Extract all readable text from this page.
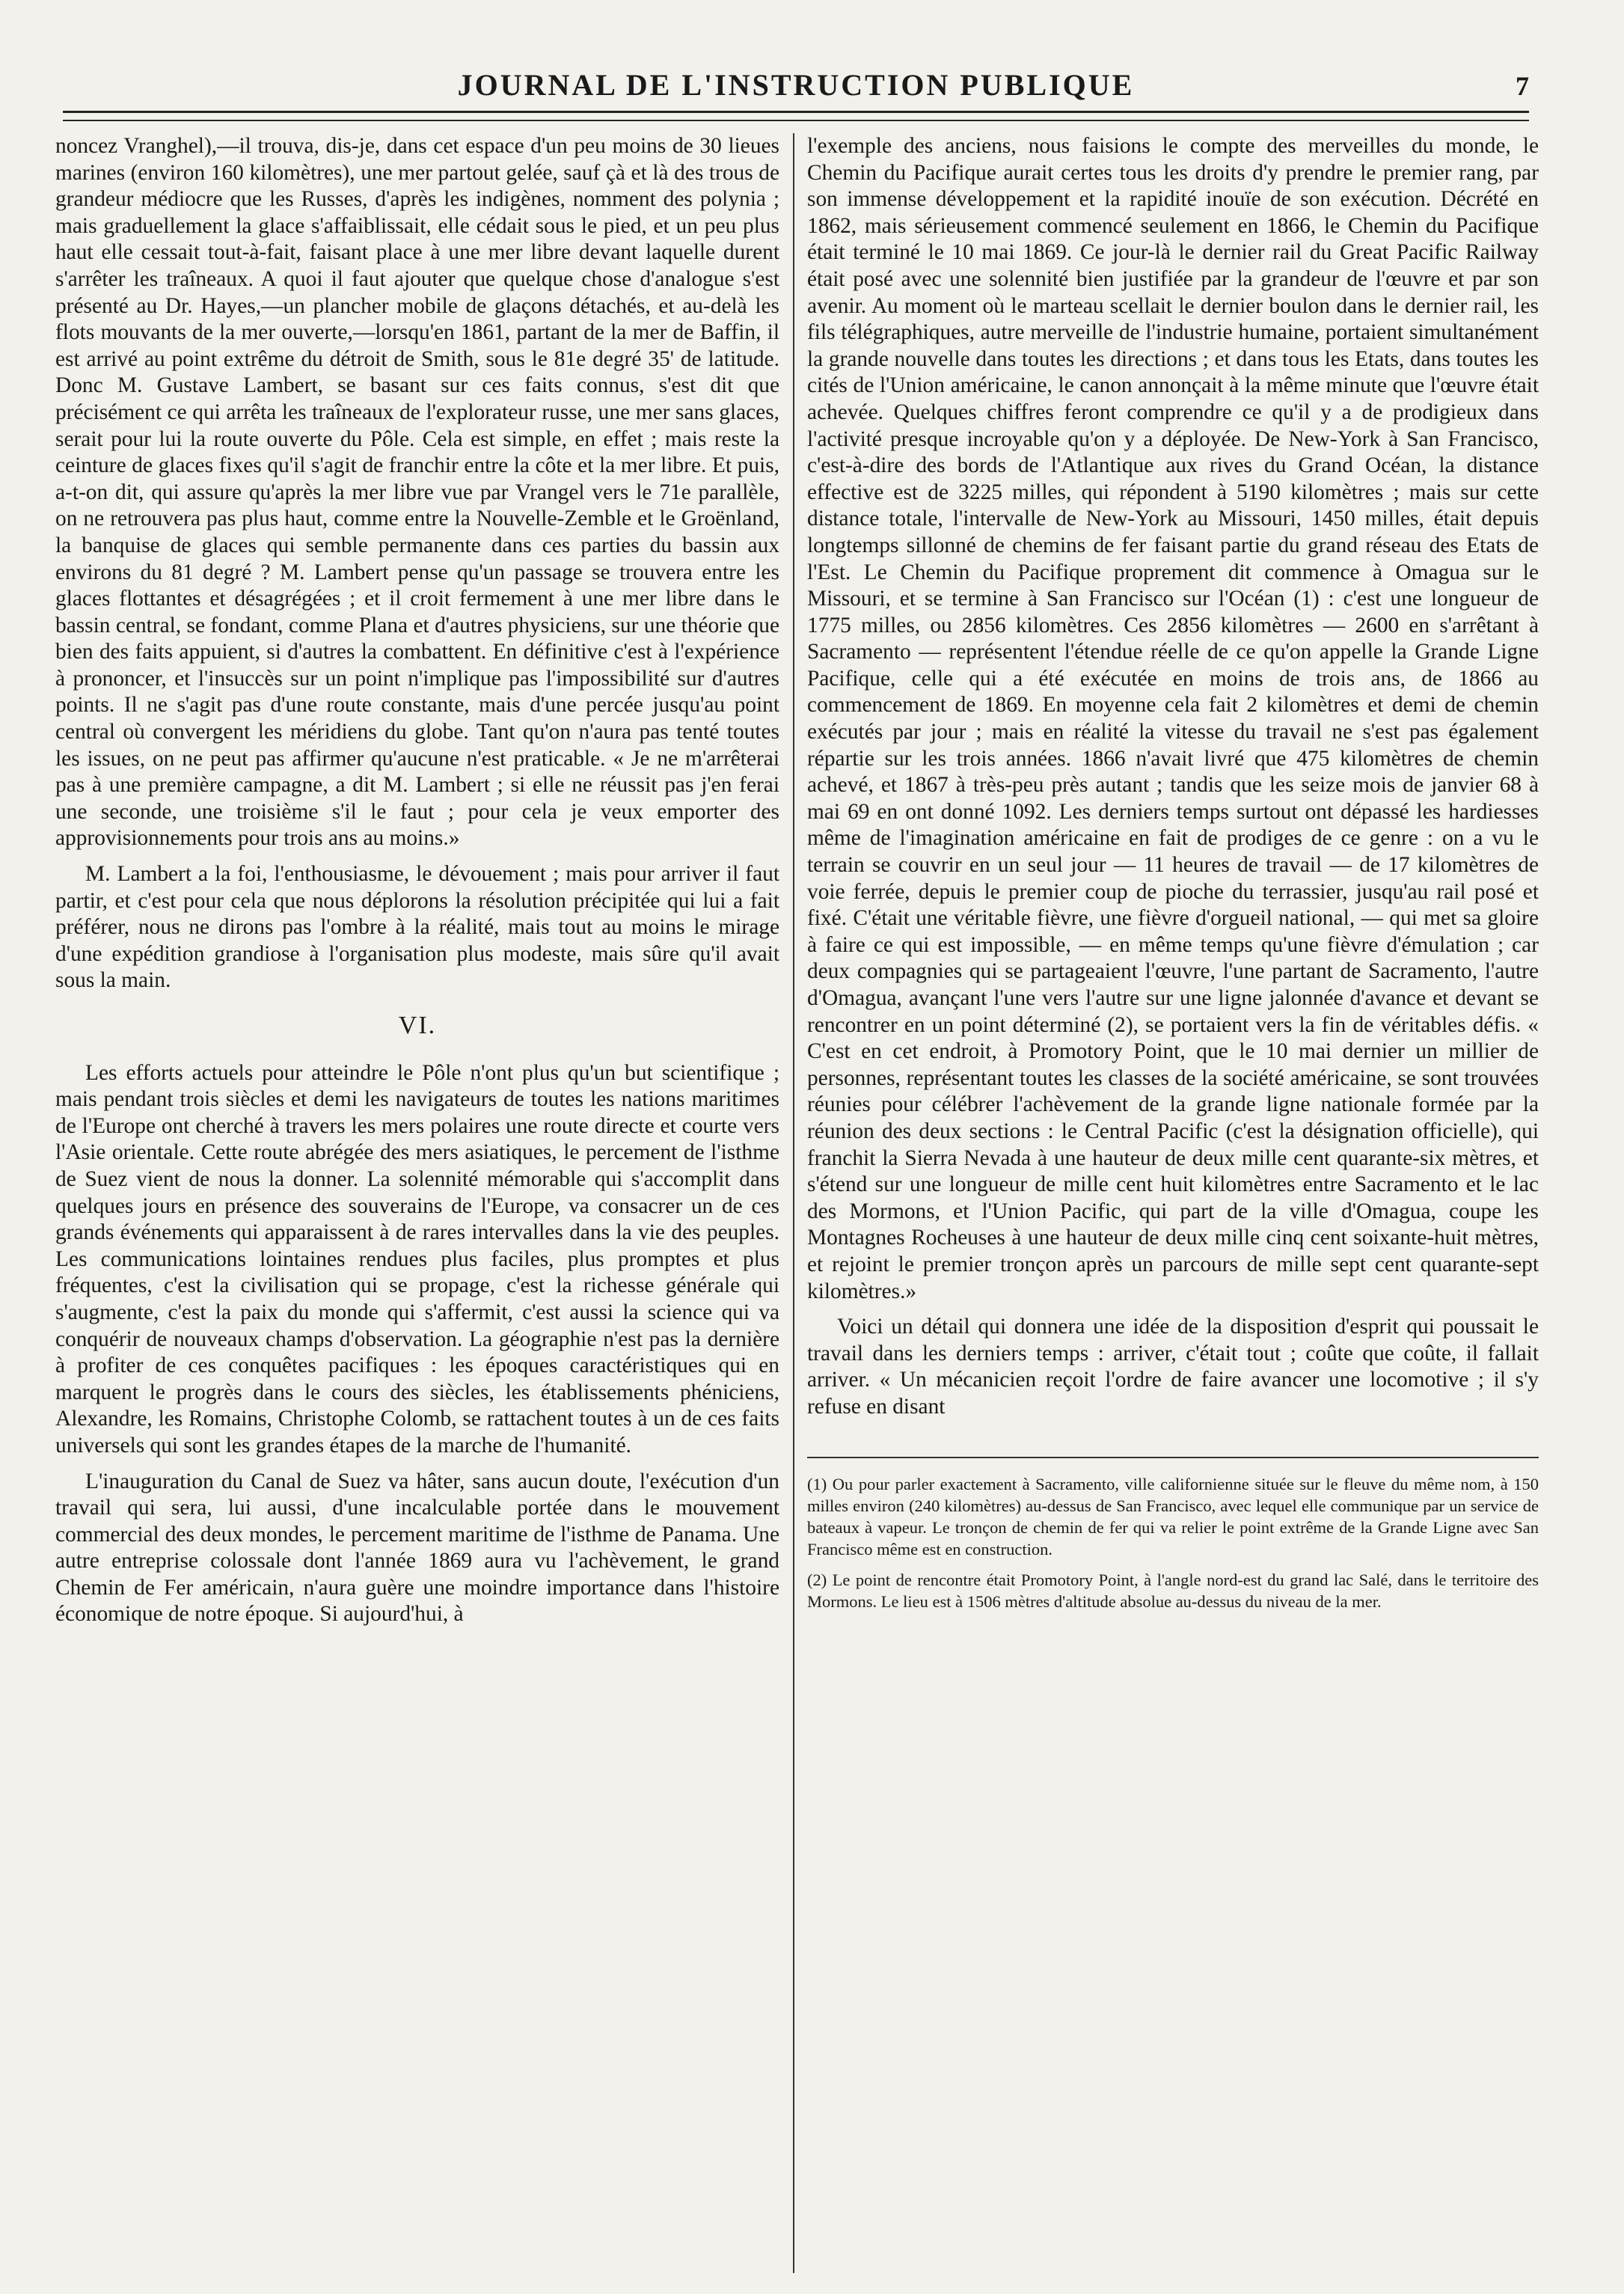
JOURNAL DE L'INSTRUCTION PUBLIQUE	7

noncez Vranghel),—il trouva, dis-je, dans cet espace d'un peu moins de 30 lieues marines (environ 160 kilomètres), une mer partout gelée, sauf çà et là des trous de grandeur médiocre que les Russes, d'après les indigènes, nomment des polynia ; mais graduellement la glace s'affaiblissait, elle cédait sous le pied, et un peu plus haut elle cessait tout-à-fait, faisant place à une mer libre devant laquelle durent s'arrêter les traîneaux. A quoi il faut ajouter que quelque chose d'analogue s'est présenté au Dr. Hayes,—un plancher mobile de glaçons détachés, et au-delà les flots mouvants de la mer ouverte,—lorsqu'en 1861, partant de la mer de Baffin, il est arrivé au point extrême du détroit de Smith, sous le 81e degré 35' de latitude. Donc M. Gustave Lambert, se basant sur ces faits connus, s'est dit que précisément ce qui arrêta les traîneaux de l'explorateur russe, une mer sans glaces, serait pour lui la route ouverte du Pôle. Cela est simple, en effet ; mais reste la ceinture de glaces fixes qu'il s'agit de franchir entre la côte et la mer libre. Et puis, a-t-on dit, qui assure qu'après la mer libre vue par Vrangel vers le 71e parallèle, on ne retrouvera pas plus haut, comme entre la Nouvelle-Zemble et le Groënland, la banquise de glaces qui semble permanente dans ces parties du bassin aux environs du 81 degré ? M. Lambert pense qu'un passage se trouvera entre les glaces flottantes et désagrégées ; et il croit fermement à une mer libre dans le bassin central, se fondant, comme Plana et d'autres physiciens, sur une théorie que bien des faits appuient, si d'autres la combattent. En définitive c'est à l'expérience à prononcer, et l'insuccès sur un point n'implique pas l'impossibilité sur d'autres points. Il ne s'agit pas d'une route constante, mais d'une percée jusqu'au point central où convergent les méridiens du globe. Tant qu'on n'aura pas tenté toutes les issues, on ne peut pas affirmer qu'aucune n'est praticable. « Je ne m'arrêterai pas à une première campagne, a dit M. Lambert ; si elle ne réussit pas j'en ferai une seconde, une troisième s'il le faut ; pour cela je veux emporter des approvisionnements pour trois ans au moins.»

M. Lambert a la foi, l'enthousiasme, le dévouement ; mais pour arriver il faut partir, et c'est pour cela que nous déplorons la résolution précipitée qui lui a fait préférer, nous ne dirons pas l'ombre à la réalité, mais tout au moins le mirage d'une expédition grandiose à l'organisation plus modeste, mais sûre qu'il avait sous la main.

VI.

Les efforts actuels pour atteindre le Pôle n'ont plus qu'un but scientifique ; mais pendant trois siècles et demi les navigateurs de toutes les nations maritimes de l'Europe ont cherché à travers les mers polaires une route directe et courte vers l'Asie orientale. Cette route abrégée des mers asiatiques, le percement de l'isthme de Suez vient de nous la donner. La solennité mémorable qui s'accomplit dans quelques jours en présence des souverains de l'Europe, va consacrer un de ces grands événements qui apparaissent à de rares intervalles dans la vie des peuples. Les communications lointaines rendues plus faciles, plus promptes et plus fréquentes, c'est la civilisation qui se propage, c'est la richesse générale qui s'augmente, c'est la paix du monde qui s'affermit, c'est aussi la science qui va conquérir de nouveaux champs d'observation. La géographie n'est pas la dernière à profiter de ces conquêtes pacifiques : les époques caractéristiques qui en marquent le progrès dans le cours des siècles, les établissements phéniciens, Alexandre, les Romains, Christophe Colomb, se rattachent toutes à un de ces faits universels qui sont les grandes étapes de la marche de l'humanité.

L'inauguration du Canal de Suez va hâter, sans aucun doute, l'exécution d'un travail qui sera, lui aussi, d'une incalculable portée dans le mouvement commercial des deux mondes, le percement maritime de l'isthme de Panama. Une autre entreprise colossale dont l'année 1869 aura vu l'achèvement, le grand Chemin de Fer américain, n'aura guère une moindre importance dans l'histoire économique de notre époque. Si aujourd'hui, à

l'exemple des anciens, nous faisions le compte des merveilles du monde, le Chemin du Pacifique aurait certes tous les droits d'y prendre le premier rang, par son immense développement et la rapidité inouïe de son exécution. Décrété en 1862, mais sérieusement commencé seulement en 1866, le Chemin du Pacifique était terminé le 10 mai 1869. Ce jour-là le dernier rail du Great Pacific Railway était posé avec une solennité bien justifiée par la grandeur de l'œuvre et par son avenir. Au moment où le marteau scellait le dernier boulon dans le dernier rail, les fils télégraphiques, autre merveille de l'industrie humaine, portaient simultanément la grande nouvelle dans toutes les directions ; et dans tous les Etats, dans toutes les cités de l'Union américaine, le canon annonçait à la même minute que l'œuvre était achevée. Quelques chiffres feront comprendre ce qu'il y a de prodigieux dans l'activité presque incroyable qu'on y a déployée. De New-York à San Francisco, c'est-à-dire des bords de l'Atlantique aux rives du Grand Océan, la distance effective est de 3225 milles, qui répondent à 5190 kilomètres ; mais sur cette distance totale, l'intervalle de New-York au Missouri, 1450 milles, était depuis longtemps sillonné de chemins de fer faisant partie du grand réseau des Etats de l'Est. Le Chemin du Pacifique proprement dit commence à Omagua sur le Missouri, et se termine à San Francisco sur l'Océan (1) : c'est une longueur de 1775 milles, ou 2856 kilomètres. Ces 2856 kilomètres — 2600 en s'arrêtant à Sacramento — représentent l'étendue réelle de ce qu'on appelle la Grande Ligne Pacifique, celle qui a été exécutée en moins de trois ans, de 1866 au commencement de 1869. En moyenne cela fait 2 kilomètres et demi de chemin exécutés par jour ; mais en réalité la vitesse du travail ne s'est pas également répartie sur les trois années. 1866 n'avait livré que 475 kilomètres de chemin achevé, et 1867 à très-peu près autant ; tandis que les seize mois de janvier 68 à mai 69 en ont donné 1092. Les derniers temps surtout ont dépassé les hardiesses même de l'imagination américaine en fait de prodiges de ce genre : on a vu le terrain se couvrir en un seul jour — 11 heures de travail — de 17 kilomètres de voie ferrée, depuis le premier coup de pioche du terrassier, jusqu'au rail posé et fixé. C'était une véritable fièvre, une fièvre d'orgueil national, — qui met sa gloire à faire ce qui est impossible, — en même temps qu'une fièvre d'émulation ; car deux compagnies qui se partageaient l'œuvre, l'une partant de Sacramento, l'autre d'Omagua, avançant l'une vers l'autre sur une ligne jalonnée d'avance et devant se rencontrer en un point déterminé (2), se portaient vers la fin de véritables défis. « C'est en cet endroit, à Promotory Point, que le 10 mai dernier un millier de personnes, représentant toutes les classes de la société américaine, se sont trouvées réunies pour célébrer l'achèvement de la grande ligne nationale formée par la réunion des deux sections : le Central Pacific (c'est la désignation officielle), qui franchit la Sierra Nevada à une hauteur de deux mille cent quarante-six mètres, et s'étend sur une longueur de mille cent huit kilomètres entre Sacramento et le lac des Mormons, et l'Union Pacific, qui part de la ville d'Omagua, coupe les Montagnes Rocheuses à une hauteur de deux mille cinq cent soixante-huit mètres, et rejoint le premier tronçon après un parcours de mille sept cent quarante-sept kilomètres.»

Voici un détail qui donnera une idée de la disposition d'esprit qui poussait le travail dans les derniers temps : arriver, c'était tout ; coûte que coûte, il fallait arriver. « Un mécanicien reçoit l'ordre de faire avancer une locomotive ; il s'y refuse en disant

(1) Ou pour parler exactement à Sacramento, ville californienne située sur le fleuve du même nom, à 150 milles environ (240 kilomètres) au-dessus de San Francisco, avec lequel elle communique par un service de bateaux à vapeur. Le tronçon de chemin de fer qui va relier le point extrême de la Grande Ligne avec San Francisco même est en construction.

(2) Le point de rencontre était Promotory Point, à l'angle nord-est du grand lac Salé, dans le territoire des Mormons. Le lieu est à 1506 mètres d'altitude absolue au-dessus du niveau de la mer.
